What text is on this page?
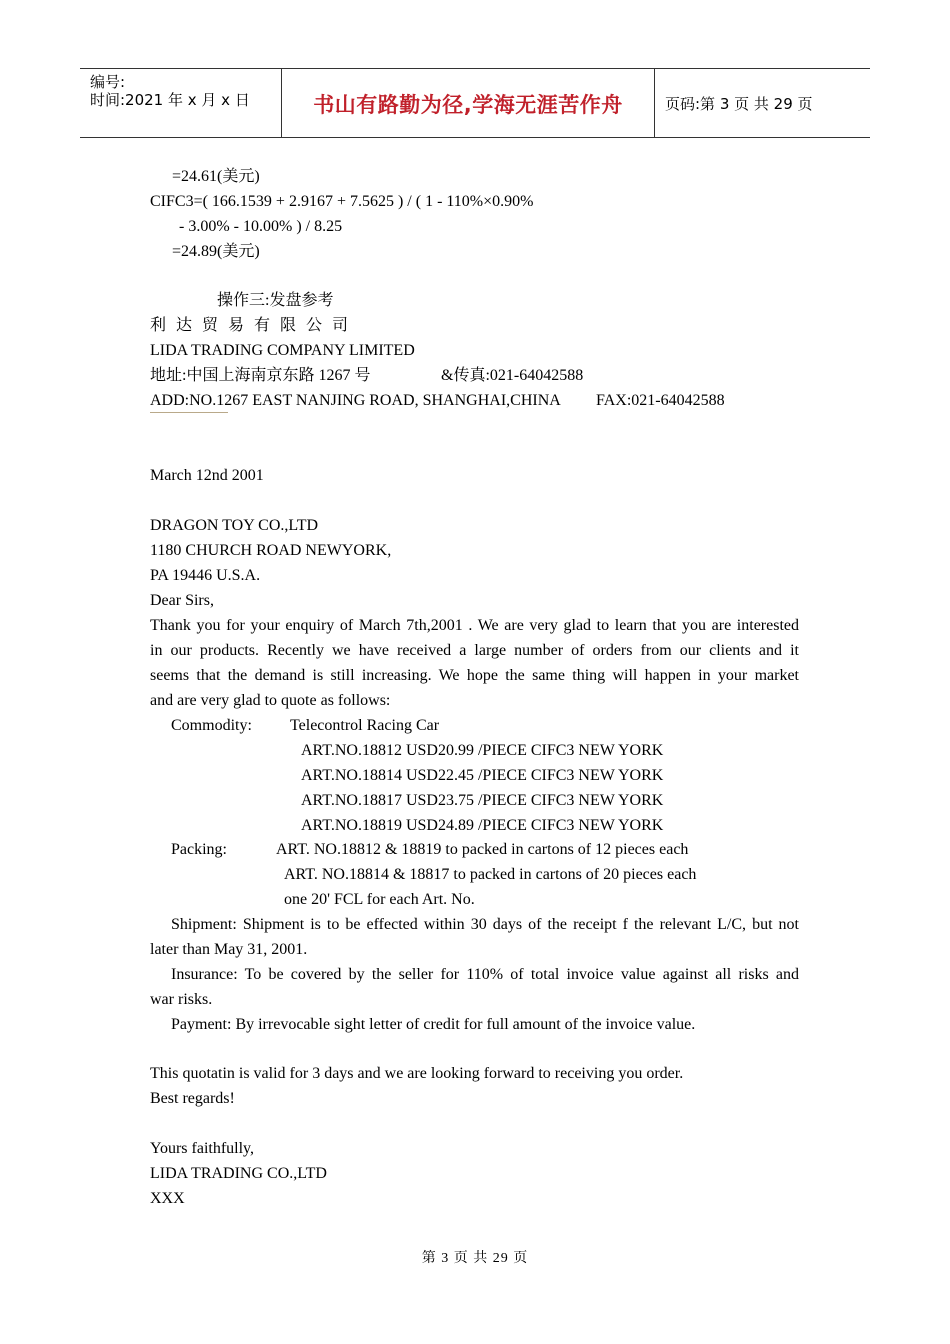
编号:
时间:2021 年 x 月 x 日	书山有路勤为径,学海无涯苦作舟	页码:第 3 页 共 29 页
=24.61(美元)
CIFC3=( 166.1539 + 2.9167 + 7.5625 ) / ( 1 - 110%×0.90%
- 3.00% - 10.00% ) / 8.25
=24.89(美元)
操作三:发盘参考
利达贸易有限公司
LIDA TRADING COMPANY LIMITED
地址:中国上海南京东路 1267 号	&传真:021-64042588
ADD:NO.1267 EAST NANJING ROAD, SHANGHAI,CHINA FAX:021-64042588
March 12nd 2001
DRAGON TOY CO.,LTD
1180 CHURCH ROAD NEWYORK,
PA 19446 U.S.A.
Dear Sirs,
Thank you for your enquiry of March 7th,2001 . We are very glad to learn that you are interested
in our products. Recently we have received a large number of orders from our clients and it
seems that the demand is still increasing. We hope the same thing will happen in your market
and are very glad to quote as follows:
Commodity: Telecontrol Racing Car
ART.NO.18812 USD20.99 /PIECE CIFC3 NEW YORK
ART.NO.18814 USD22.45 /PIECE CIFC3 NEW YORK
ART.NO.18817 USD23.75 /PIECE CIFC3 NEW YORK
ART.NO.18819 USD24.89 /PIECE CIFC3 NEW YORK
Packing:	ART. NO.18812 & 18819 to packed in cartons of 12 pieces each
ART. NO.18814 & 18817 to packed in cartons of 20 pieces each
one 20' FCL for each Art. No.
Shipment: Shipment is to be effected within 30 days of the receipt f the relevant L/C, but not
later than May 31, 2001.
Insurance: To be covered by the seller for 110% of total invoice value against all risks and
war risks.
Payment: By irrevocable sight letter of credit for full amount of the invoice value.
This quotatin is valid for 3 days and we are looking forward to receiving you order.
Best regards!
Yours faithfully,
LIDA TRADING CO.,LTD
XXX
第 3 页 共 29 页
